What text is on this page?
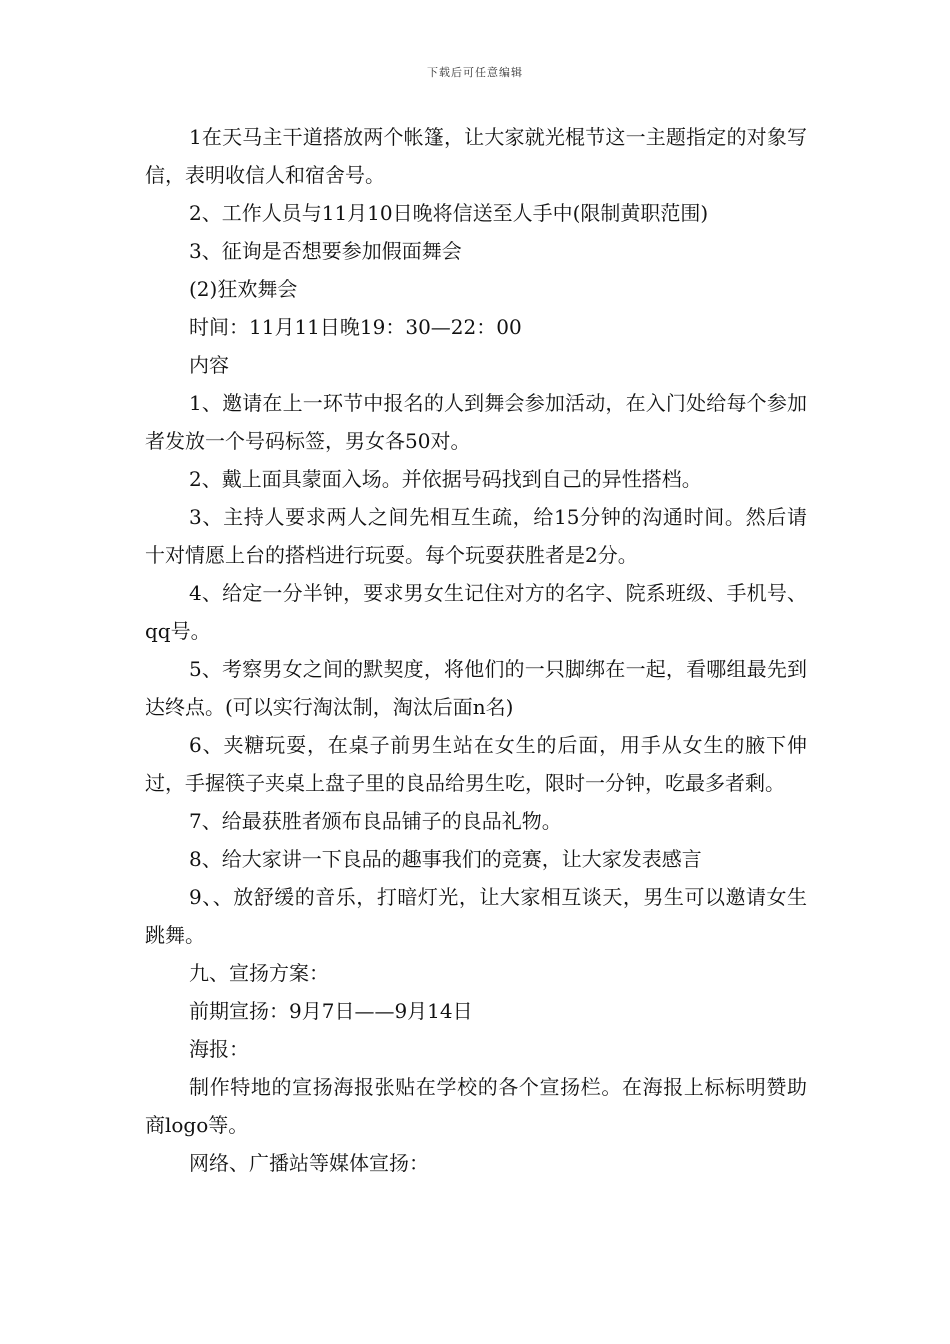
下载后可任意编辑

1在天马主干道搭放两个帐篷，让大家就光棍节这一主题指定的对象写信，表明收信人和宿舍号。

2、工作人员与11月10日晚将信送至人手中(限制黄职范围)

3、征询是否想要参加假面舞会

(2)狂欢舞会

时间：11月11日晚19：30—22：00

内容

1、邀请在上一环节中报名的人到舞会参加活动，在入门处给每个参加者发放一个号码标签，男女各50对。

2、戴上面具蒙面入场。并依据号码找到自己的异性搭档。

3、主持人要求两人之间先相互生疏，给15分钟的沟通时间。然后请十对情愿上台的搭档进行玩耍。每个玩耍获胜者是2分。

4、给定一分半钟，要求男女生记住对方的名字、院系班级、手机号、qq号。

5、考察男女之间的默契度，将他们的一只脚绑在一起，看哪组最先到达终点。(可以实行淘汰制，淘汰后面n名)

6、夹糖玩耍，在桌子前男生站在女生的后面，用手从女生的腋下伸过，手握筷子夹桌上盘子里的良品给男生吃，限时一分钟，吃最多者剩。

7、给最获胜者颁布良品铺子的良品礼物。

8、给大家讲一下良品的趣事我们的竞赛，让大家发表感言

9、、放舒缓的音乐，打暗灯光，让大家相互谈天，男生可以邀请女生跳舞。

九、宣扬方案：

前期宣扬：9月7日——9月14日

海报：

制作特地的宣扬海报张贴在学校的各个宣扬栏。在海报上标标明赞助商logo等。

网络、广播站等媒体宣扬：
